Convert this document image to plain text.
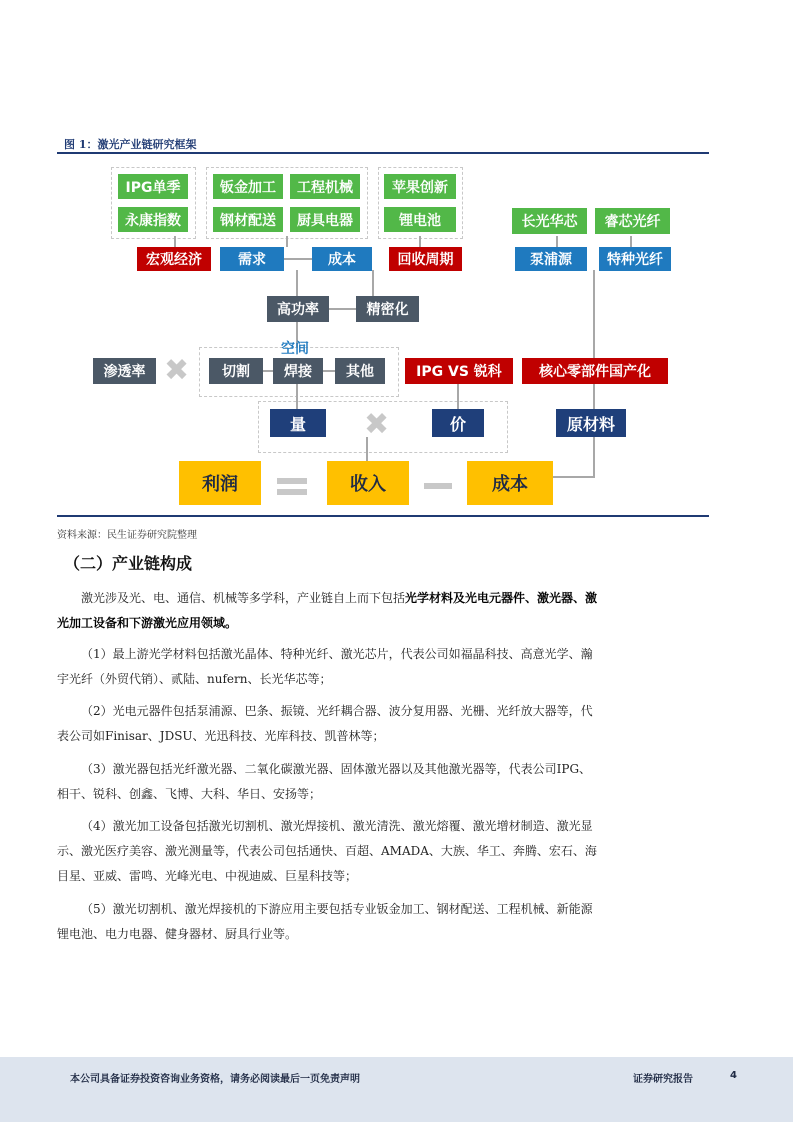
图 1：激光产业链研究框架
IPG单季
永康指数
钣金加工	工程机械
钢材配送	厨具电器
苹果创新
锂电池	长光华芯	睿芯光纤
宏观经济	需求	成本	回收周期	泵浦源	特种光纤
高功率	精密化
空间
渗透率 ✖	切割	焊接	其他	IPG VS 锐科	核心零部件国产化
量	✖	价	原材料
利润	收入	成本
资料来源：民生证券研究院整理
（二）产业链构成
激光涉及光、电、通信、机械等多学科，产业链自上而下包括光学材料及光电元器件、激光器、激光加工设备和下游激光应用领域。
（1）最上游光学材料包括激光晶体、特种光纤、激光芯片，代表公司如福晶科技、高意光学、瀚宇光纤（外贸代销）、贰陆、nufern、长光华芯等；
（2）光电元器件包括泵浦源、巴条、振镜、光纤耦合器、波分复用器、光栅、光纤放大器等，代表公司如Finisar、JDSU、光迅科技、光库科技、凯普林等；
（3）激光器包括光纤激光器、二氧化碳激光器、固体激光器以及其他激光器等，代表公司IPG、相干、锐科、创鑫、飞博、大科、华日、安扬等；
（4）激光加工设备包括激光切割机、激光焊接机、激光清洗、激光熔覆、激光增材制造、激光显示、激光医疗美容、激光测量等，代表公司包括通快、百超、AMADA、大族、华工、奔腾、宏石、海目星、亚威、雷鸣、光峰光电、中视迪威、巨星科技等；
（5）激光切割机、激光焊接机的下游应用主要包括专业钣金加工、钢材配送、工程机械、新能源锂电池、电力电器、健身器材、厨具行业等。
本公司具备证券投资咨询业务资格，请务必阅读最后一页免责声明	证券研究报告	4
